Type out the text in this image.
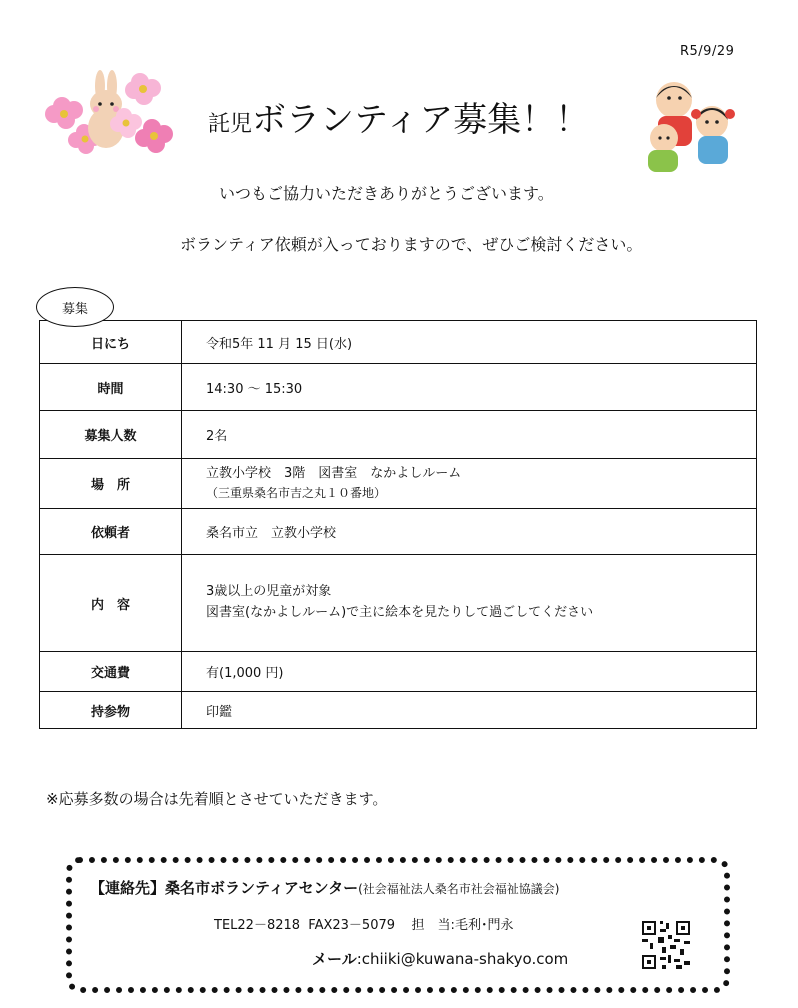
R5/9/29
託児ボランティア募集！！
いつもご協力いただきありがとうございます。
ボランティア依頼が入っておりますので、ぜひご検討ください。
募集
日にち	令和5年 11 月 15 日(水)
時間	14:30 ～ 15:30
募集人数	2名
場　所	立教小学校　3階　図書室　なかよしルーム
（三重県桑名市吉之丸１０番地）

依頼者	桑名市立　立教小学校
内　容	3歳以上の児童が対象
図書室(なかよしルーム)で主に絵本を見たりして過ごしてください

交通費	有(1,000 円)
持参物	印鑑
※応募多数の場合は先着順とさせていただきます。
【連絡先】桑名市ボランティアセンター(社会福祉法人桑名市社会福祉協議会)
TEL22－8218 FAX23－5079 担　当:毛利･門永
メール:chiiki@kuwana-shakyo.com
